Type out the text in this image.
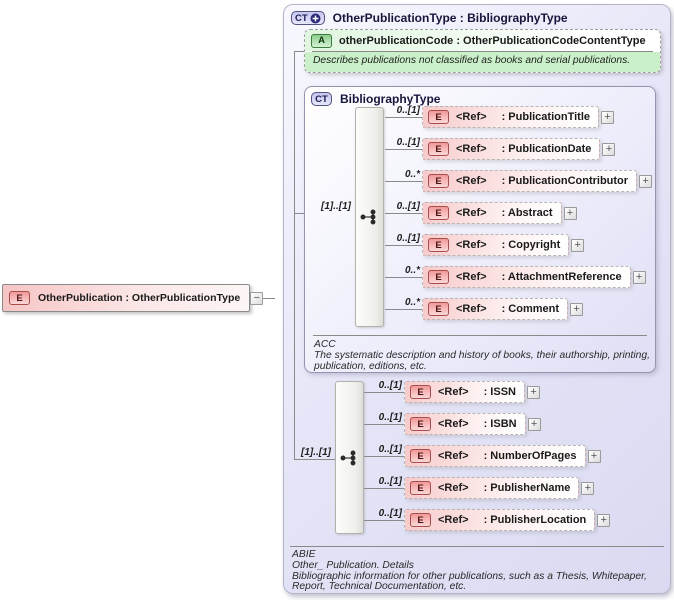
E	OtherPublication : OtherPublicationType −
CT OtherPublicationType : BibliographyType
A	otherPublicationCode : OtherPublicationCodeContentType
Describes publications not classified as books and serial publications.
CT BibliographyType
0..[1]
E	<Ref> : PublicationTitle +
0..[1]
E	<Ref> : PublicationDate +
0..*
E	<Ref> : PublicationContributor +
0..[1]
E	<Ref> : Abstract +
0..[1]
E	<Ref> : Copyright +
0..*
E	<Ref> : AttachmentReference +
0..*
E	<Ref> : Comment +
ACC
The systematic description and history of books, their authorship, printing, publication, editions, etc.
[1]..[1]
[1]..[1]
0..[1]
E	<Ref> : ISSN +
0..[1]
E	<Ref> : ISBN +
0..[1]
E	<Ref> : NumberOfPages +
0..[1]
E	<Ref> : PublisherName +
0..[1]
E	<Ref> : PublisherLocation +
ABIE
Other_ Publication. Details
Bibliographic information for other publications, such as a Thesis, Whitepaper, Report, Technical Documentation, etc.
